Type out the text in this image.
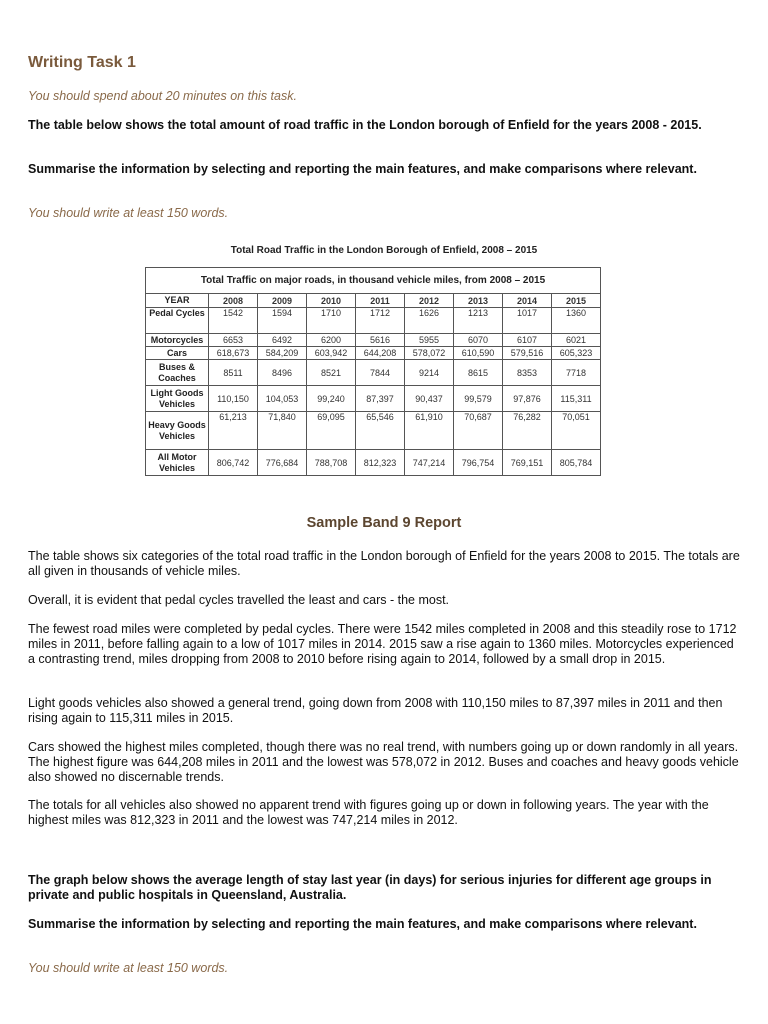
Writing Task 1
You should spend about 20 minutes on this task.

The table below shows the total amount of road traffic in the London borough of Enfield for the years 2008 - 2015.

Summarise the information by selecting and reporting the main features, and make comparisons where relevant.

You should write at least 150 words.
Total Road Traffic in the London Borough of Enfield, 2008 – 2015
Total Traffic on major roads, in thousand vehicle miles, from 2008 – 2015								
YEAR	2008	2009	2010	2011	2012	2013	2014	2015
Pedal Cycles	1542	1594	1710	1712	1626	1213	1017	1360
Motorcycles	6653	6492	6200	5616	5955	6070	6107	6021
Cars	618,673	584,209	603,942	644,208	578,072	610,590	579,516	605,323
Buses & Coaches	8511	8496	8521	7844	9214	8615	8353	7718
Light Goods Vehicles	110,150	104,053	99,240	87,397	90,437	99,579	97,876	115,311
Heavy Goods Vehicles	61,213	71,840	69,095	65,546	61,910	70,687	76,282	70,051
All Motor Vehicles	806,742	776,684	788,708	812,323	747,214	796,754	769,151	805,784
Sample Band 9 Report

The table shows six categories of the total road traffic in the London borough of Enfield for the years 2008 to 2015. The totals are all given in thousands of vehicle miles.

Overall, it is evident that pedal cycles travelled the least and cars - the most.

The fewest road miles were completed by pedal cycles. There were 1542 miles completed in 2008 and this steadily rose to 1712 miles in 2011, before falling again to a low of 1017 miles in 2014. 2015 saw a rise again to 1360 miles. Motorcycles experienced a contrasting trend, miles dropping from 2008 to 2010 before rising again to 2014, followed by a small drop in 2015.

Light goods vehicles also showed a general trend, going down from 2008 with 110,150 miles to 87,397 miles in 2011 and then rising again to 115,311 miles in 2015.

Cars showed the highest miles completed, though there was no real trend, with numbers going up or down randomly in all years. The highest figure was 644,208 miles in 2011 and the lowest was 578,072 in 2012. Buses and coaches and heavy goods vehicle also showed no discernable trends.

The totals for all vehicles also showed no apparent trend with figures going up or down in following years. The year with the highest miles was 812,323 in 2011 and the lowest was 747,214 miles in 2012.

The graph below shows the average length of stay last year (in days) for serious injuries for different age groups in private and public hospitals in Queensland, Australia.

Summarise the information by selecting and reporting the main features, and make comparisons where relevant.

You should write at least 150 words.
